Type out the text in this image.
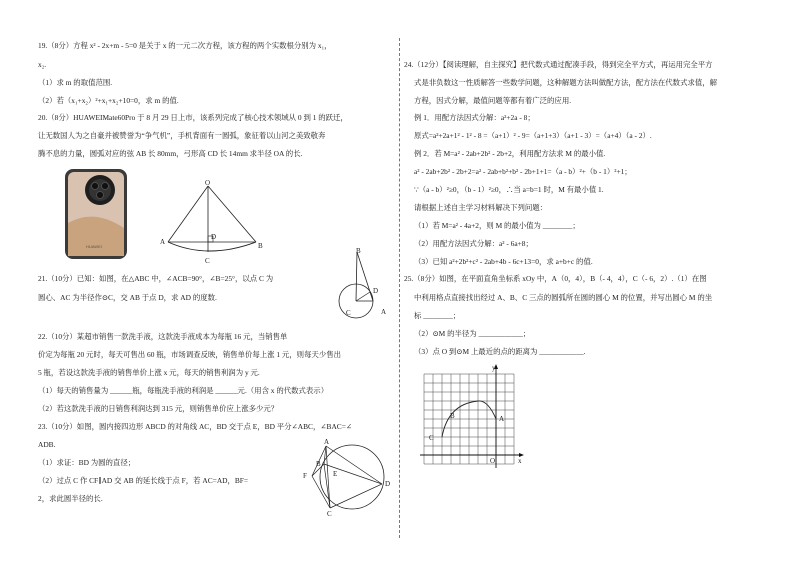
19.（8分）方程 x² - 2x+m - 5=0 是关于 x 的一元二次方程，该方程的两个实数根分别为 x₁，
x₂.
（1）求 m 的取值范围.
（2）若（x₁+x₂）²+x₁+x₂+10=0，求 m 的值.
20.（8分）HUAWEIMate60Pro 于 8 月 29 日上市，该系列完成了核心技术领域从 0 到 1 的跃迁，
让无数国人为之自豪并被赞誉为“争气机”，手机背面有一圆弧，象征着以山河之美致敬奔
腾不息的力量，圆弧对应的弦 AB 长 80mm，弓形高 CD 长 14mm 求半径 OA 的长.
HUAWEI
O
D
A	B
C
21.（10分）已知：如图，在△ABC 中，∠ACB=90°，∠B=25°，以点 C 为
圆心、AC 为半径作⊙C，交 AB 于点 D，求 AD 的度数.
B
D
C	A
22.（10分）某超市销售一款洗手液，这款洗手液成本为每瓶 16 元，当销售单
价定为每瓶 20 元时，每天可售出 60 瓶，市场调查反映，销售单价每上涨 1 元，则每天少售出
5 瓶，若设这款洗手液的销售单价上涨 x 元，每天的销售利润为 y 元.
（1）每天的销售量为 ______瓶，每瓶洗手液的利润是 ______元.（用含 x 的代数式表示）
（2）若这款洗手液的日销售利润达到 315 元，则销售单价应上涨多少元？
23.（10分）如图，圆内接四边形 ABCD 的对角线 AC，BD 交于点 E，BD 平分∠ABC，∠BAC=∠
ADB.
（1）求证：BD 为圆的直径；
（2）过点 C 作 CF∥AD 交 AB 的延长线于点 F，若 AC=AD，BF=
2，求此圆半径的长.
A
B
C
D
E
F
24.（12分）【阅读理解，自主探究】把代数式通过配凑手段，得到完全平方式，再运用完全平方
式是非负数这一性质解答一些数学问题，这种解题方法叫做配方法，配方法在代数式求值，解
方程，因式分解，最值问题等都有着广泛的应用.
例 1．用配方法因式分解：a²+2a - 8；
原式=a²+2a+1² - 1² - 8 =（a+1）² - 9=（a+1+3）（a+1 - 3）=（a+4）（a - 2）.
例 2．若 M=a² - 2ab+2b² - 2b+2，利用配方法求 M 的最小值.
a² - 2ab+2b² - 2b+2=a² - 2ab+b²+b² - 2b+1+1=（a - b）²+（b - 1）²+1；
∵（a - b）²≥0，（b - 1）²≥0，∴当 a=b=1 时，M 有最小值 1.
请根据上述自主学习材料解决下列问题：
（1）若 M=a² - 4a+2，则 M 的最小值为 ________；
（2）用配方法因式分解：a² - 6a+8；
（3）已知 a²+2b²+c² - 2ab+4b - 6c+13=0，求 a+b+c 的值.
25.（8分）如图，在平面直角坐标系 xOy 中，A（0，4），B（- 4，4），C（- 6，2）.（1）在图
中利用格点直接找出经过 A、B、C 三点的圆弧所在圆的圆心 M 的位置，并写出圆心 M 的坐
标 ________；
（2）⊙M 的半径为 ____________；
（3）点 O 到⊙M 上最近的点的距离为 ____________.
y
x
O
A
B
C
